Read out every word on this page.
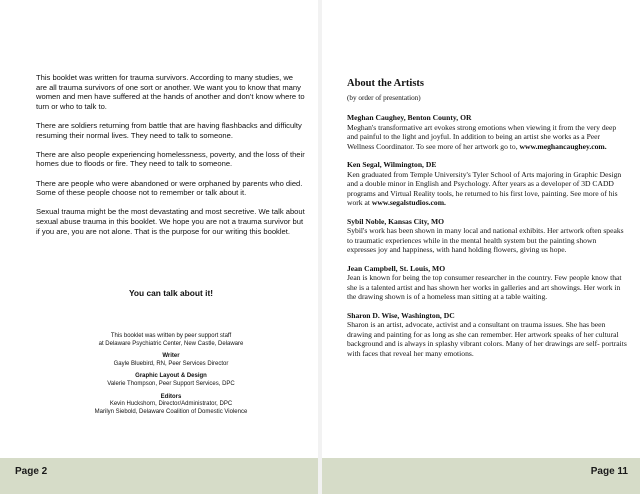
This booklet was written for trauma survivors. According to many studies, we are all trauma survivors of one sort or another. We want you to know that many women and men have suffered at the hands of another and don't know where to turn or who to talk to.

There are soldiers returning from battle that are having flashbacks and difficulty resuming their normal lives. They need to talk to someone.

There are also people experiencing homelessness, poverty, and the loss of their homes due to floods or fire. They need to talk to someone.

There are people who were abandoned or were orphaned by parents who died. Some of these people choose not to remember or talk about it.

Sexual trauma might be the most devastating and most secretive. We talk about sexual abuse trauma in this booklet. We hope you are not a trauma survivor but if you are, you are not alone. That is the purpose for our writing this booklet.

You can talk about it!
This booklet was written by peer support staff
at Delaware Psychiatric Center, New Castle, Delaware
Writer
Gayle Bluebird, RN, Peer Services Director
Graphic Layout & Design
Valerie Thompson, Peer Support Services, DPC
Editors
Kevin Huckshorn, Director/Administrator, DPC
Marilyn Siebold, Delaware Coalition of Domestic Violence
Page 2
About the Artists
(by order of presentation)
Meghan Caughey, Benton County, OR
Meghan's transformative art evokes strong emotions when viewing it from the very deep and painful to the light and joyful. In addition to being an artist she works as a Peer Wellness Coordinator. To see more of her artwork go to, www.meghancaughey.com.
Ken Segal, Wilmington, DE
Ken graduated from Temple University's Tyler School of Arts majoring in Graphic Design and a double minor in English and Psychology. After years as a developer of 3D CADD programs and Virtual Reality tools, he returned to his first love, painting. See more of his work at www.segalstudios.com.
Sybil Noble, Kansas City, MO
Sybil's work has been shown in many local and national exhibits. Her artwork often speaks to traumatic experiences while in the mental health system but the painting shown expresses joy and happiness, with hand holding flowers, giving us hope.
Jean Campbell, St. Louis, MO
Jean is known for being the top consumer researcher in the country. Few people know that she is a talented artist and has shown her works in galleries and art showings. Her work in the drawing shown is of a homeless man sitting at a table waiting.
Sharon D. Wise, Washington, DC
Sharon is an artist, advocate, activist and a consultant on trauma issues. She has been drawing and painting for as long as she can remember. Her artwork speaks of her cultural background and is always in splashy vibrant colors. Many of her drawings are self- portraits with faces that reveal her many emotions.
Page 11
